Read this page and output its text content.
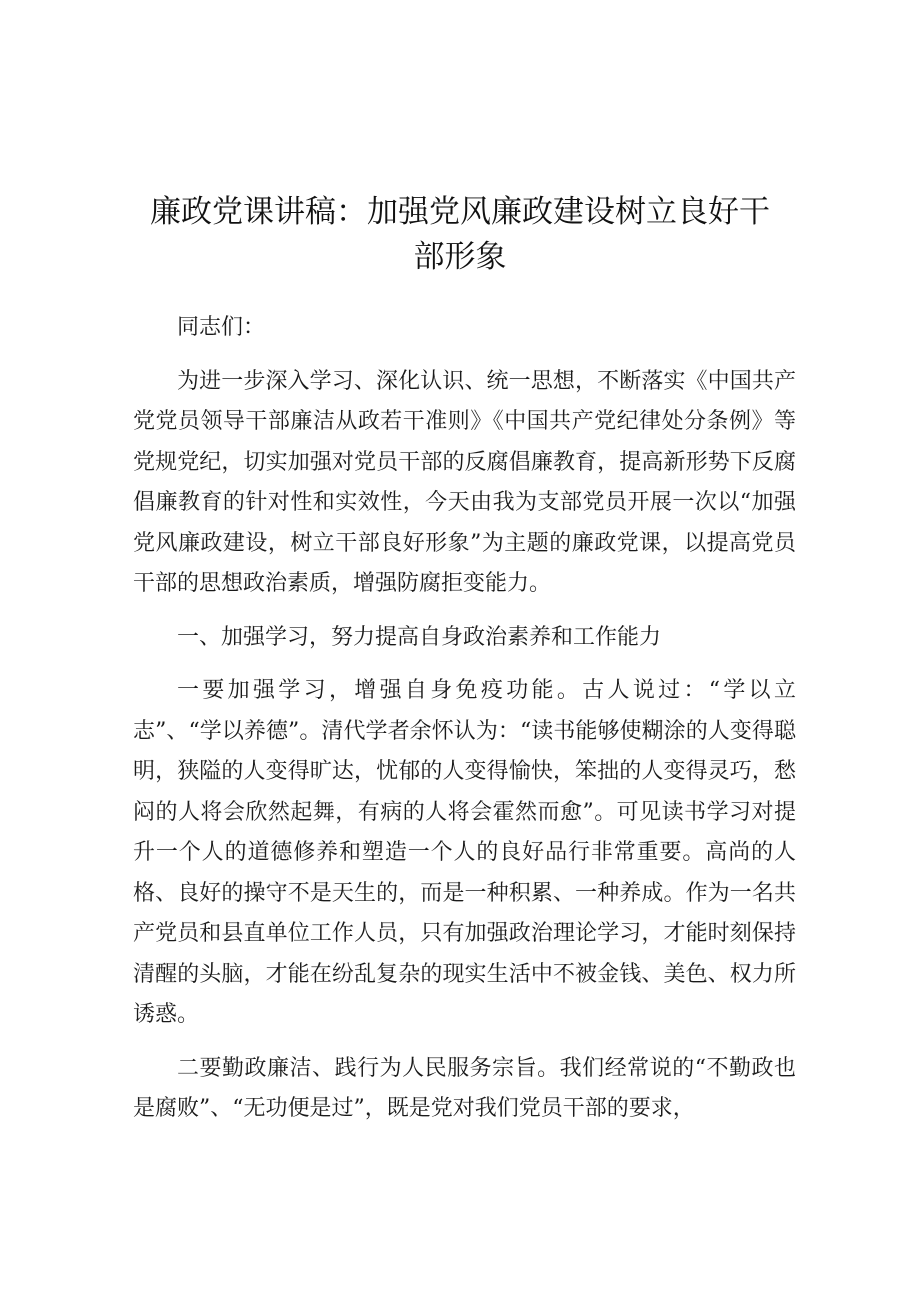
廉政党课讲稿：加强党风廉政建设树立良好干
部形象

同志们：

为进一步深入学习、深化认识、统一思想，不断落实《中国共产党党员领导干部廉洁从政若干准则》《中国共产党纪律处分条例》等党规党纪，切实加强对党员干部的反腐倡廉教育，提高新形势下反腐倡廉教育的针对性和实效性，今天由我为支部党员开展一次以“加强党风廉政建设，树立干部良好形象”为主题的廉政党课，以提高党员干部的思想政治素质，增强防腐拒变能力。

一、加强学习，努力提高自身政治素养和工作能力

一要加强学习，增强自身免疫功能。古人说过：“学以立志”、“学以养德”。清代学者余怀认为：“读书能够使糊涂的人变得聪明，狭隘的人变得旷达，忧郁的人变得愉快，笨拙的人变得灵巧，愁闷的人将会欣然起舞，有病的人将会霍然而愈”。可见读书学习对提升一个人的道德修养和塑造一个人的良好品行非常重要。高尚的人格、良好的操守不是天生的，而是一种积累、一种养成。作为一名共产党员和县直单位工作人员，只有加强政治理论学习，才能时刻保持清醒的头脑，才能在纷乱复杂的现实生活中不被金钱、美色、权力所诱惑。

二要勤政廉洁、践行为人民服务宗旨。我们经常说的“不勤政也是腐败”、“无功便是过”，既是党对我们党员干部的要求，
